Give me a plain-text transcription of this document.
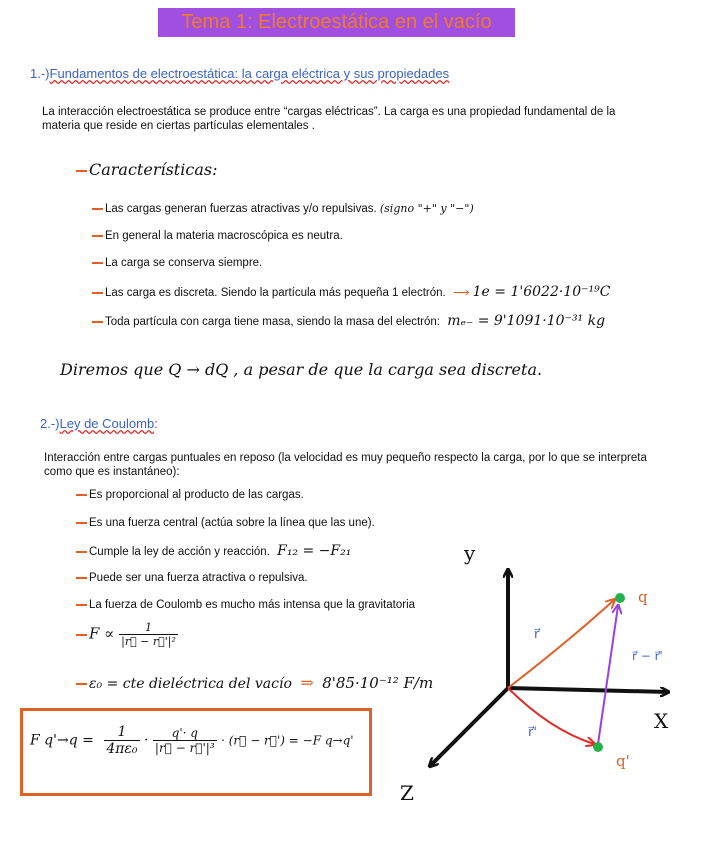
Tema 1: Electroestática en el vacío
1.-)Fundamentos de electroestática: la carga eléctrica y sus propiedades
La interacción electroestática se produce entre “cargas eléctricas”. La carga es una propiedad fundamental de la materia que reside en ciertas partículas elementales .
Características:
Las cargas generan fuerzas atractivas y/o repulsivas. (signo "+" y "−")
En general la materia macroscópica es neutra.
La carga se conserva siempre.
Las carga es discreta. Siendo la partícula más pequeña 1 electrón. ⟶ 1e = 1'6022·10⁻¹⁹C
Toda partícula con carga tiene masa, siendo la masa del electrón: mₑ₋ = 9'1091·10⁻³¹ kg
Diremos que Q → dQ , a pesar de que la carga sea discreta.
2.-)Ley de Coulomb:
Interacción entre cargas puntuales en reposo (la velocidad es muy pequeño respecto la carga, por lo que se interpreta como que es instantáneo):
Es proporcional al producto de las cargas.
Es una fuerza central (actúa sobre la línea que las une).
Cumple la ley de acción y reacción. F₁₂ = −F₂₁
Puede ser una fuerza atractiva o repulsiva.
La fuerza de Coulomb es mucho más intensa que la gravitatoria
$F \propto \frac{1}{\text{|r⃗ − r⃗'|²}}$
ε₀ = cte dieléctrica del vacío ⇒ 8'85·10⁻¹² F/m
F $q'\to q = \frac{1}{\text{4πε₀}} \cdot \frac{q'\cdot q}{\text{|r⃗ − r⃗'|³}}$ · (r⃗ − r⃗') = −F q→q'
y
X
Z
r⃗
r⃗'
r⃗ − r⃗'
q
q'
